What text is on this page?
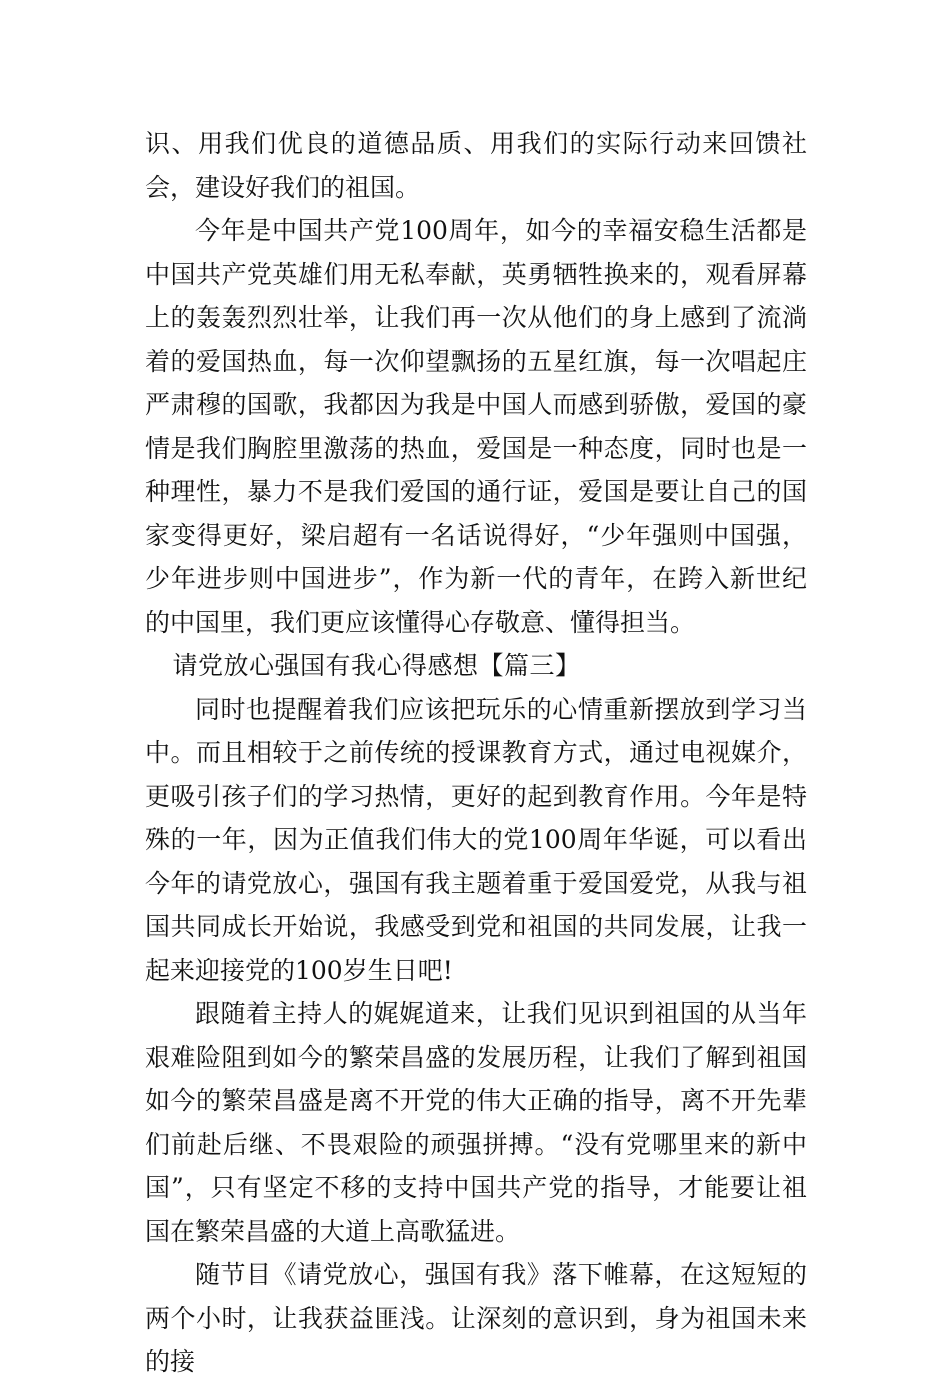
识、用我们优良的道德品质、用我们的实际行动来回馈社会，建设好我们的祖国。

今年是中国共产党100周年，如今的幸福安稳生活都是中国共产党英雄们用无私奉献，英勇牺牲换来的，观看屏幕上的轰轰烈烈壮举，让我们再一次从他们的身上感到了流淌着的爱国热血，每一次仰望飘扬的五星红旗，每一次唱起庄严肃穆的国歌，我都因为我是中国人而感到骄傲，爱国的豪情是我们胸腔里激荡的热血，爱国是一种态度，同时也是一种理性，暴力不是我们爱国的通行证，爱国是要让自己的国家变得更好，梁启超有一名话说得好，“少年强则中国强，少年进步则中国进步”，作为新一代的青年，在跨入新世纪的中国里，我们更应该懂得心存敬意、懂得担当。

请党放心强国有我心得感想【篇三】

同时也提醒着我们应该把玩乐的心情重新摆放到学习当中。而且相较于之前传统的授课教育方式，通过电视媒介，更吸引孩子们的学习热情，更好的起到教育作用。今年是特殊的一年，因为正值我们伟大的党100周年华诞，可以看出今年的请党放心，强国有我主题着重于爱国爱党，从我与祖国共同成长开始说，我感受到党和祖国的共同发展，让我一起来迎接党的100岁生日吧!

跟随着主持人的娓娓道来，让我们见识到祖国的从当年艰难险阻到如今的繁荣昌盛的发展历程，让我们了解到祖国如今的繁荣昌盛是离不开党的伟大正确的指导，离不开先辈们前赴后继、不畏艰险的顽强拼搏。“没有党哪里来的新中国”，只有坚定不移的支持中国共产党的指导，才能要让祖国在繁荣昌盛的大道上高歌猛进。

随节目《请党放心，强国有我》落下帷幕，在这短短的两个小时，让我获益匪浅。让深刻的意识到，身为祖国未来的接
